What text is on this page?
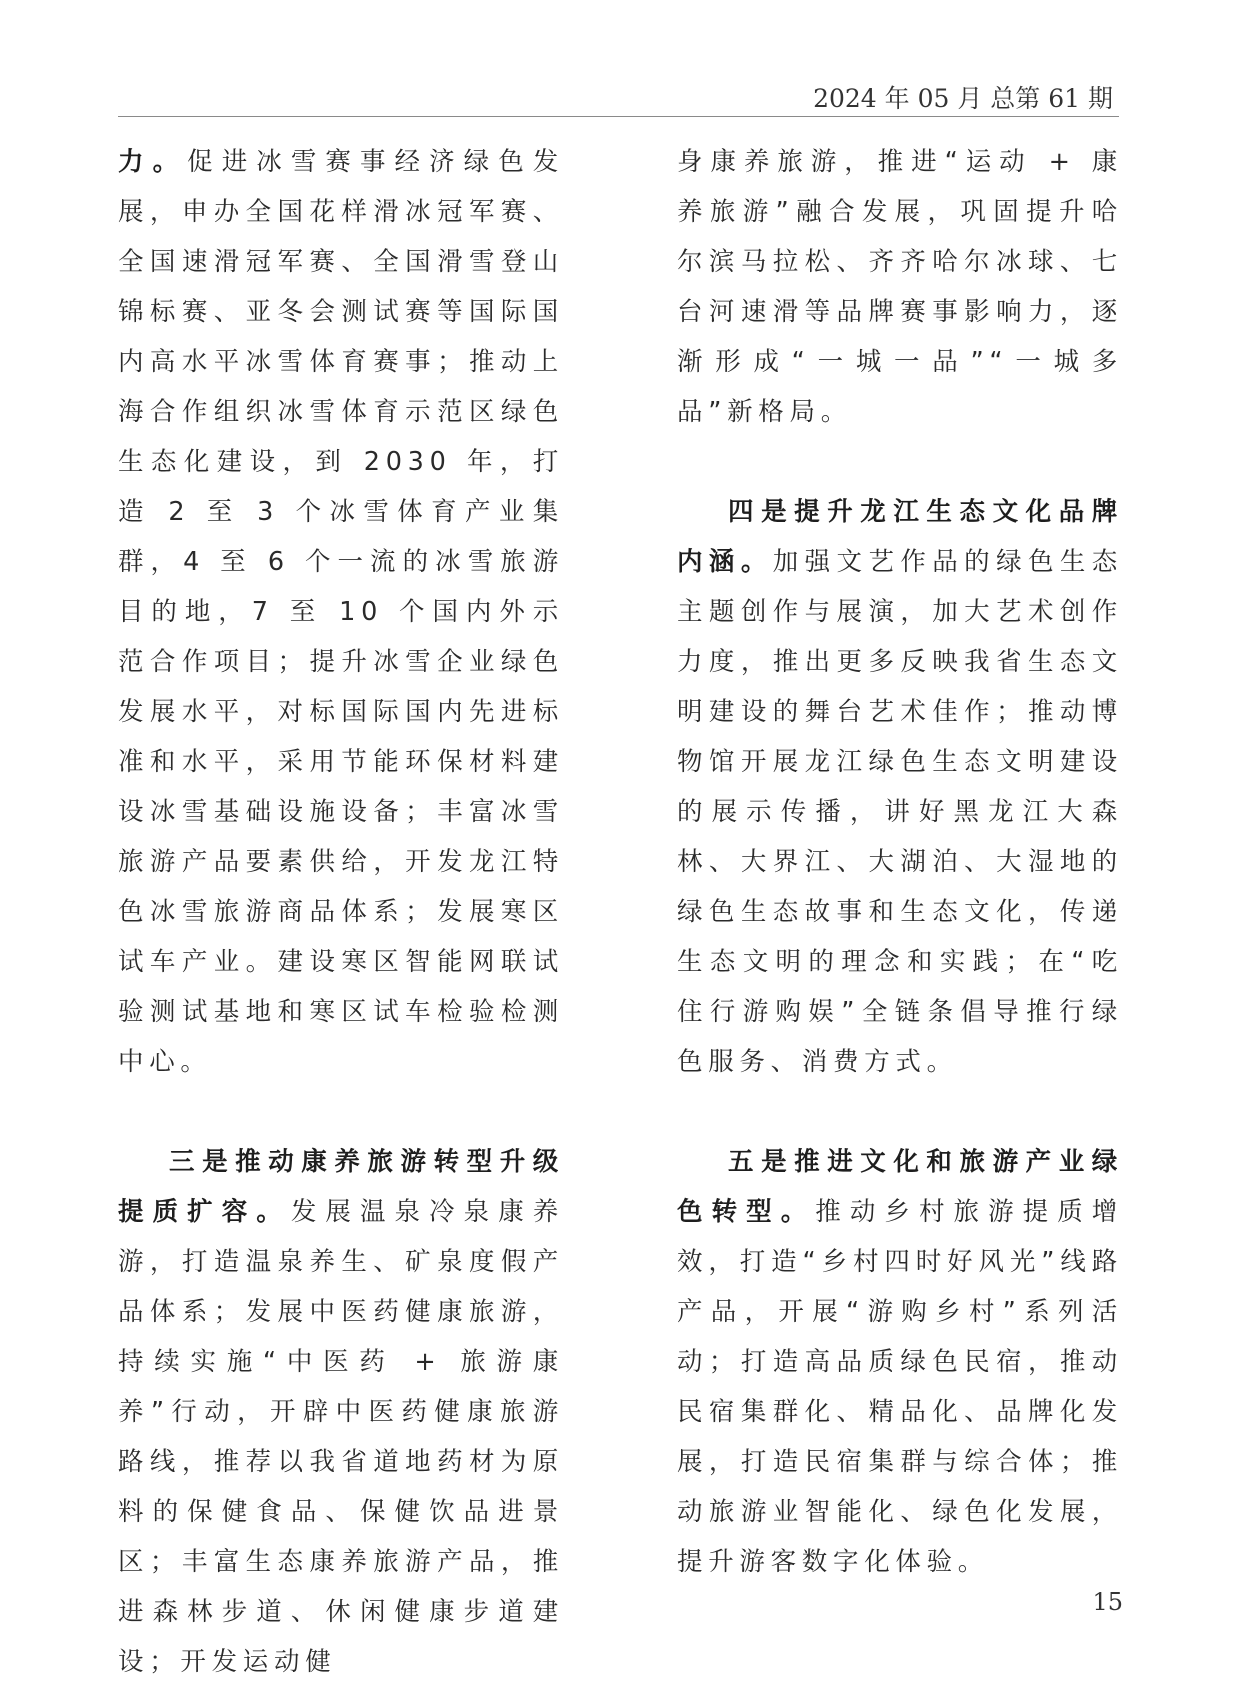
2024 年 05 月 总第 61 期

力。促进冰雪赛事经济绿色发展，申办全国花样滑冰冠军赛、全国速滑冠军赛、全国滑雪登山锦标赛、亚冬会测试赛等国际国内高水平冰雪体育赛事；推动上海合作组织冰雪体育示范区绿色生态化建设，到 2030 年，打造 2 至 3 个冰雪体育产业集群，4 至 6 个一流的冰雪旅游目的地，7 至 10 个国内外示范合作项目；提升冰雪企业绿色发展水平，对标国际国内先进标准和水平，采用节能环保材料建设冰雪基础设施设备；丰富冰雪旅游产品要素供给，开发龙江特色冰雪旅游商品体系；发展寒区试车产业。建设寒区智能网联试验测试基地和寒区试车检验检测中心。

三是推动康养旅游转型升级提质扩容。发展温泉冷泉康养游，打造温泉养生、矿泉度假产品体系；发展中医药健康旅游，持续实施“中医药 + 旅游康养”行动，开辟中医药健康旅游路线，推荐以我省道地药材为原料的保健食品、保健饮品进景区；丰富生态康养旅游产品，推进森林步道、休闲健康步道建设；开发运动健

身康养旅游，推进“运动 + 康养旅游”融合发展，巩固提升哈尔滨马拉松、齐齐哈尔冰球、七台河速滑等品牌赛事影响力，逐渐形成“一城一品”“一城多品”新格局。

四是提升龙江生态文化品牌内涵。加强文艺作品的绿色生态主题创作与展演，加大艺术创作力度，推出更多反映我省生态文明建设的舞台艺术佳作；推动博物馆开展龙江绿色生态文明建设的展示传播，讲好黑龙江大森林、大界江、大湖泊、大湿地的绿色生态故事和生态文化，传递生态文明的理念和实践；在“吃住行游购娱”全链条倡导推行绿色服务、消费方式。

五是推进文化和旅游产业绿色转型。推动乡村旅游提质增效，打造“乡村四时好风光”线路产品，开展“游购乡村”系列活动；打造高品质绿色民宿，推动民宿集群化、精品化、品牌化发展，打造民宿集群与综合体；推动旅游业智能化、绿色化发展，提升游客数字化体验。

15
